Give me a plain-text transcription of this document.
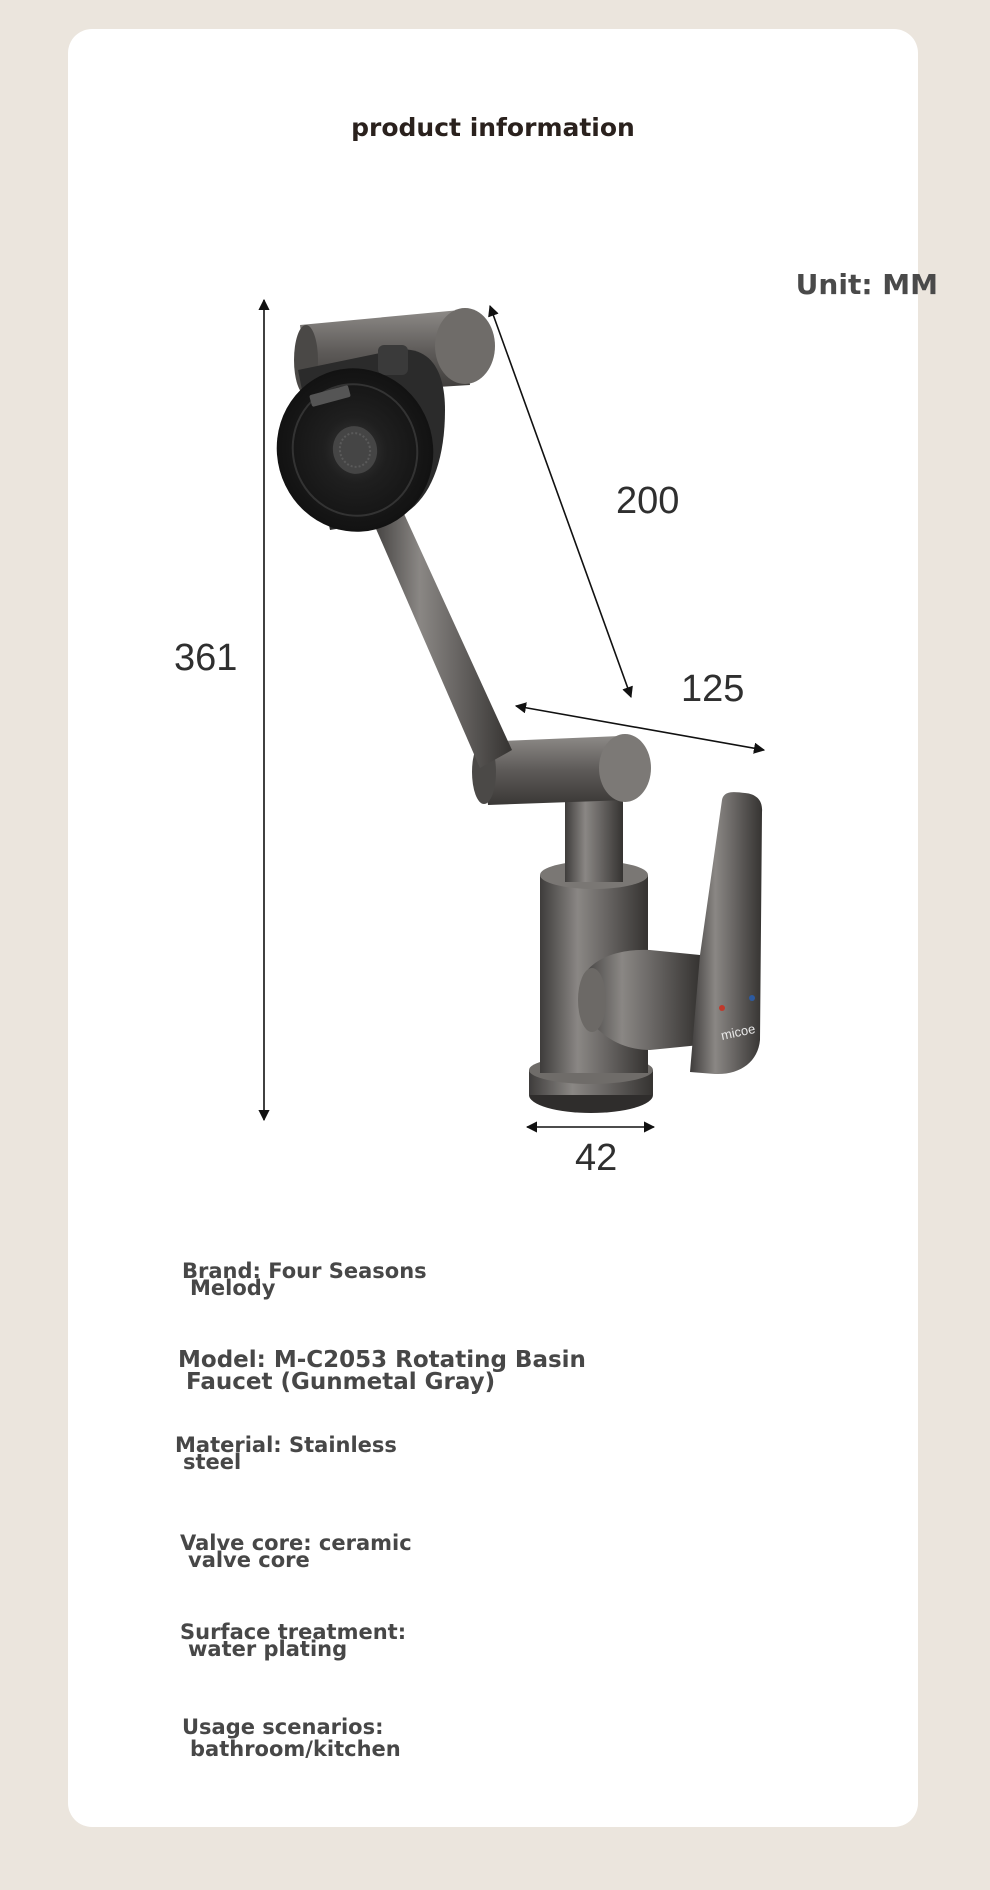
product information
Unit: MM
micoe
361
200
125
42
Brand: Four Seasons
Melody
Model: M-C2053 Rotating Basin
Faucet (Gunmetal Gray)
Material: Stainless
steel
Valve core: ceramic
valve core
Surface treatment:
water plating
Usage scenarios:
bathroom/kitchen
